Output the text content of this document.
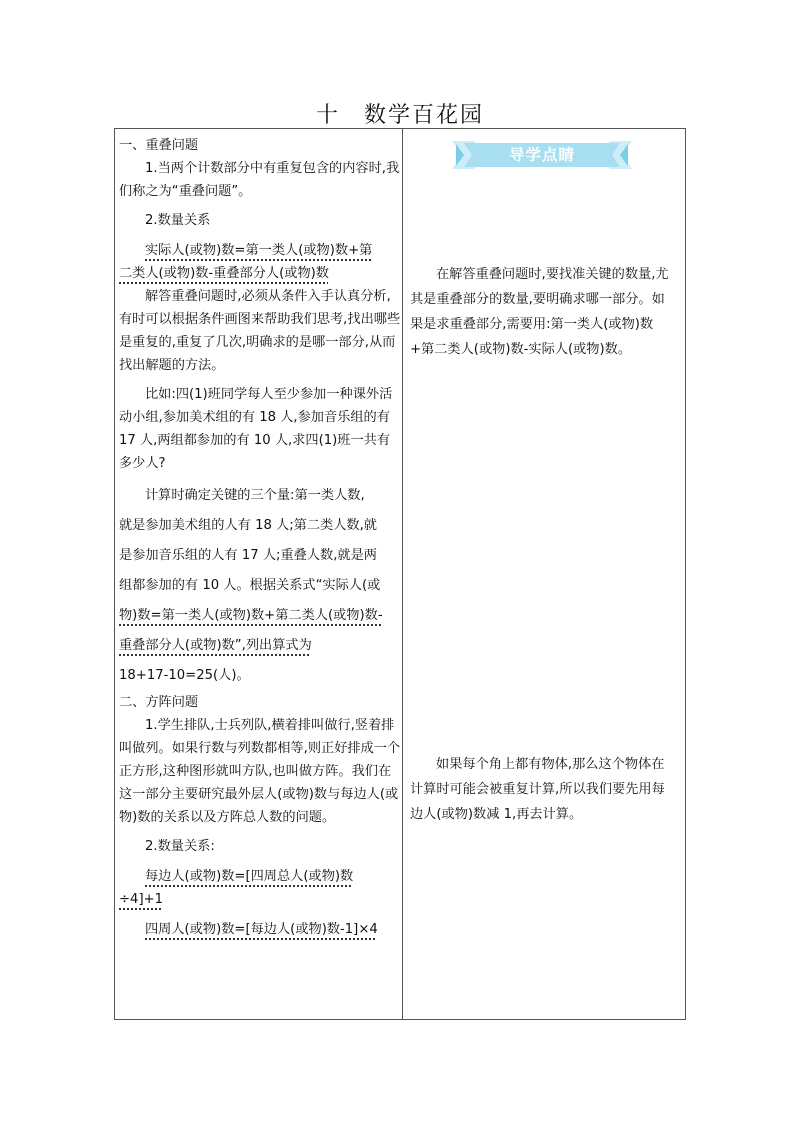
十　数学百花园
导学点睛

一、重叠问题

1.当两个计数部分中有重复包含的内容时,我们称之为“重叠问题”。

2.数量关系

实际人(或物)数=第一类人(或物)数+第

二类人(或物)数-重叠部分人(或物)数

解答重叠问题时,必须从条件入手认真分析,有时可以根据条件画图来帮助我们思考,找出哪些是重复的,重复了几次,明确求的是哪一部分,从而找出解题的方法。

比如:四(1)班同学每人至少参加一种课外活动小组,参加美术组的有 18 人,参加音乐组的有 17 人,两组都参加的有 10 人,求四(1)班一共有多少人?

计算时确定关键的三个量:第一类人数,

就是参加美术组的人有 18 人;第二类人数,就

是参加音乐组的人有 17 人;重叠人数,就是两

组都参加的有 10 人。根据关系式“实际人(或

物)数=第一类人(或物)数+第二类人(或物)数-

重叠部分人(或物)数”,列出算式为

18+17-10=25(人)。

二、方阵问题

1.学生排队,士兵列队,横着排叫做行,竖着排叫做列。如果行数与列数都相等,则正好排成一个正方形,这种图形就叫方队,也叫做方阵。我们在这一部分主要研究最外层人(或物)数与每边人(或物)数的关系以及方阵总人数的问题。

2.数量关系:

每边人(或物)数=[四周总人(或物)数

÷4]+1

四周人(或物)数=[每边人(或物)数-1]×4

在解答重叠问题时,要找准关键的数量,尤其是重叠部分的数量,要明确求哪一部分。如果是求重叠部分,需要用:第一类人(或物)数+第二类人(或物)数-实际人(或物)数。

如果每个角上都有物体,那么这个物体在计算时可能会被重复计算,所以我们要先用每边人(或物)数减 1,再去计算。
